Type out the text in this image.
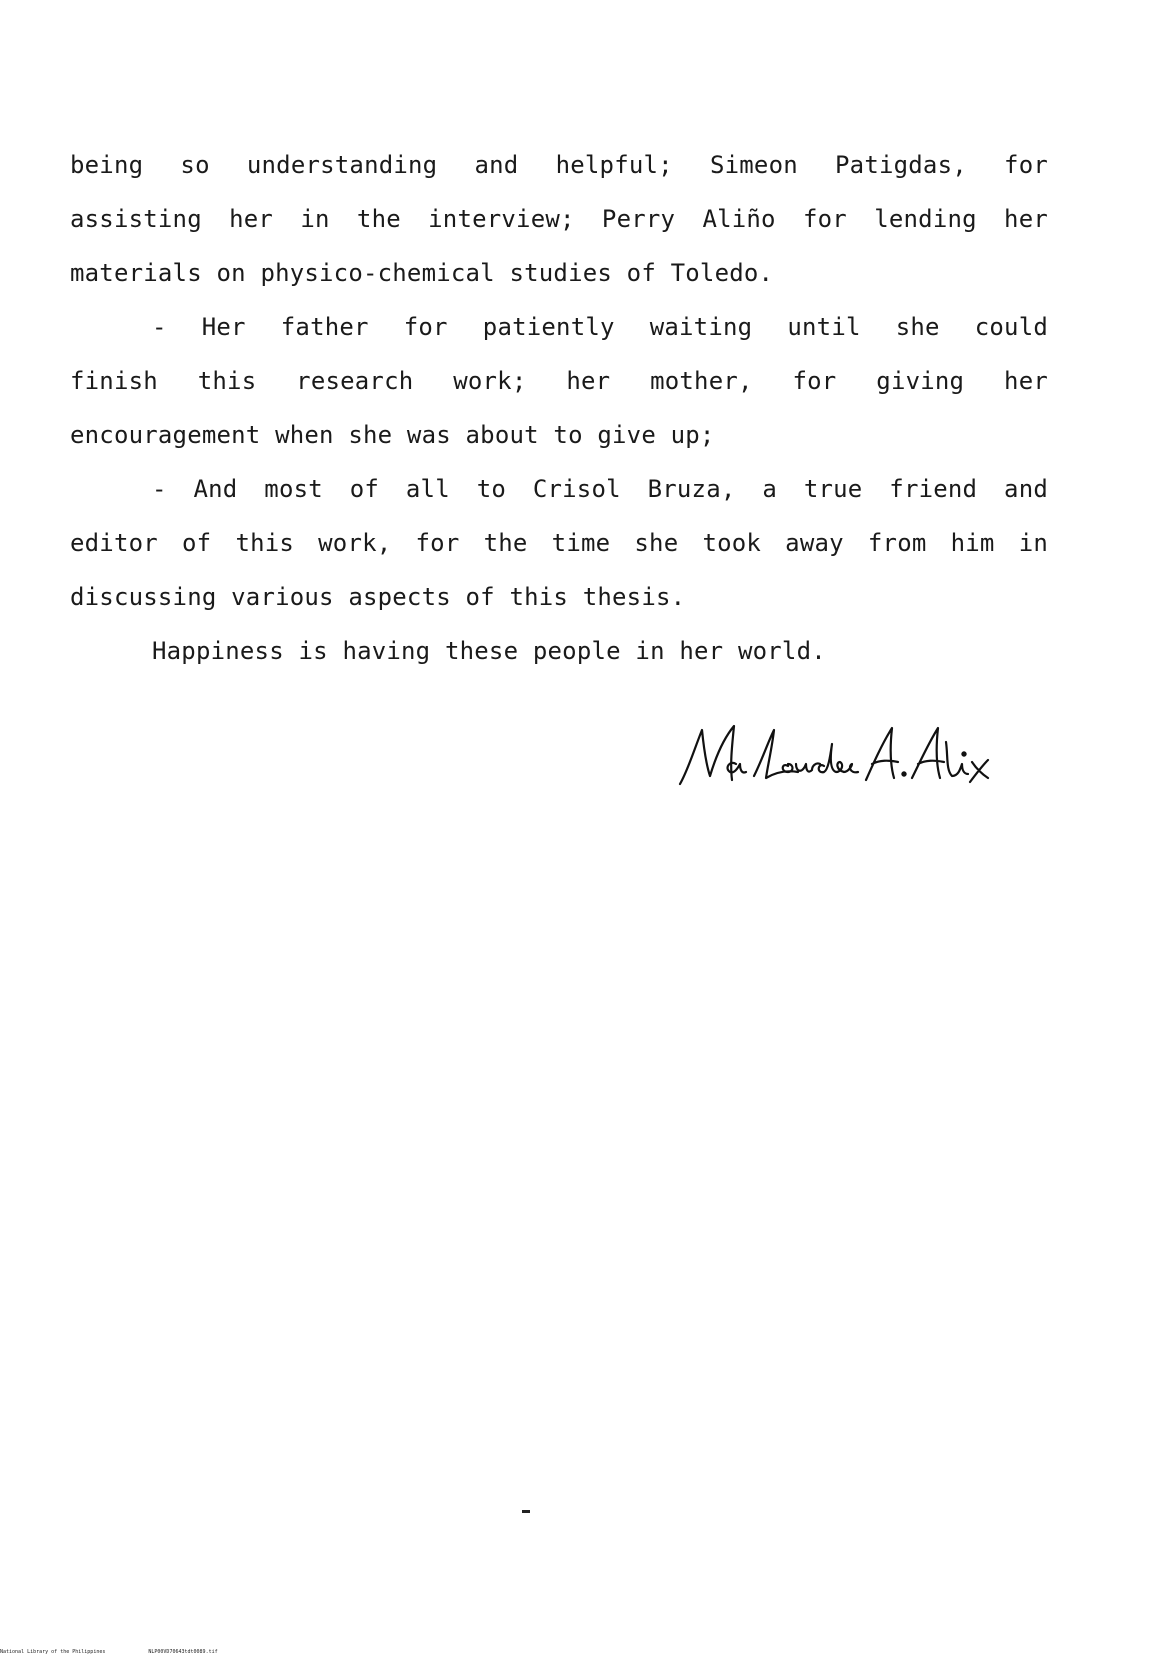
being so understanding and helpful; Simeon Patigdas, for
assisting her in the interview; Perry Aliño for lending her
materials on physico-chemical studies of Toledo.
- Her father for patiently waiting until she could
finish this research work; her mother, for giving her
encouragement when she was about to give up;
- And most of all to Crisol Bruza, a true friend and
editor of this work, for the time she took away from him in
discussing various aspects of this thesis.
Happiness is having these people in her world.
National Library of the Philippines	NLP00VD70643tdt0089.tif
